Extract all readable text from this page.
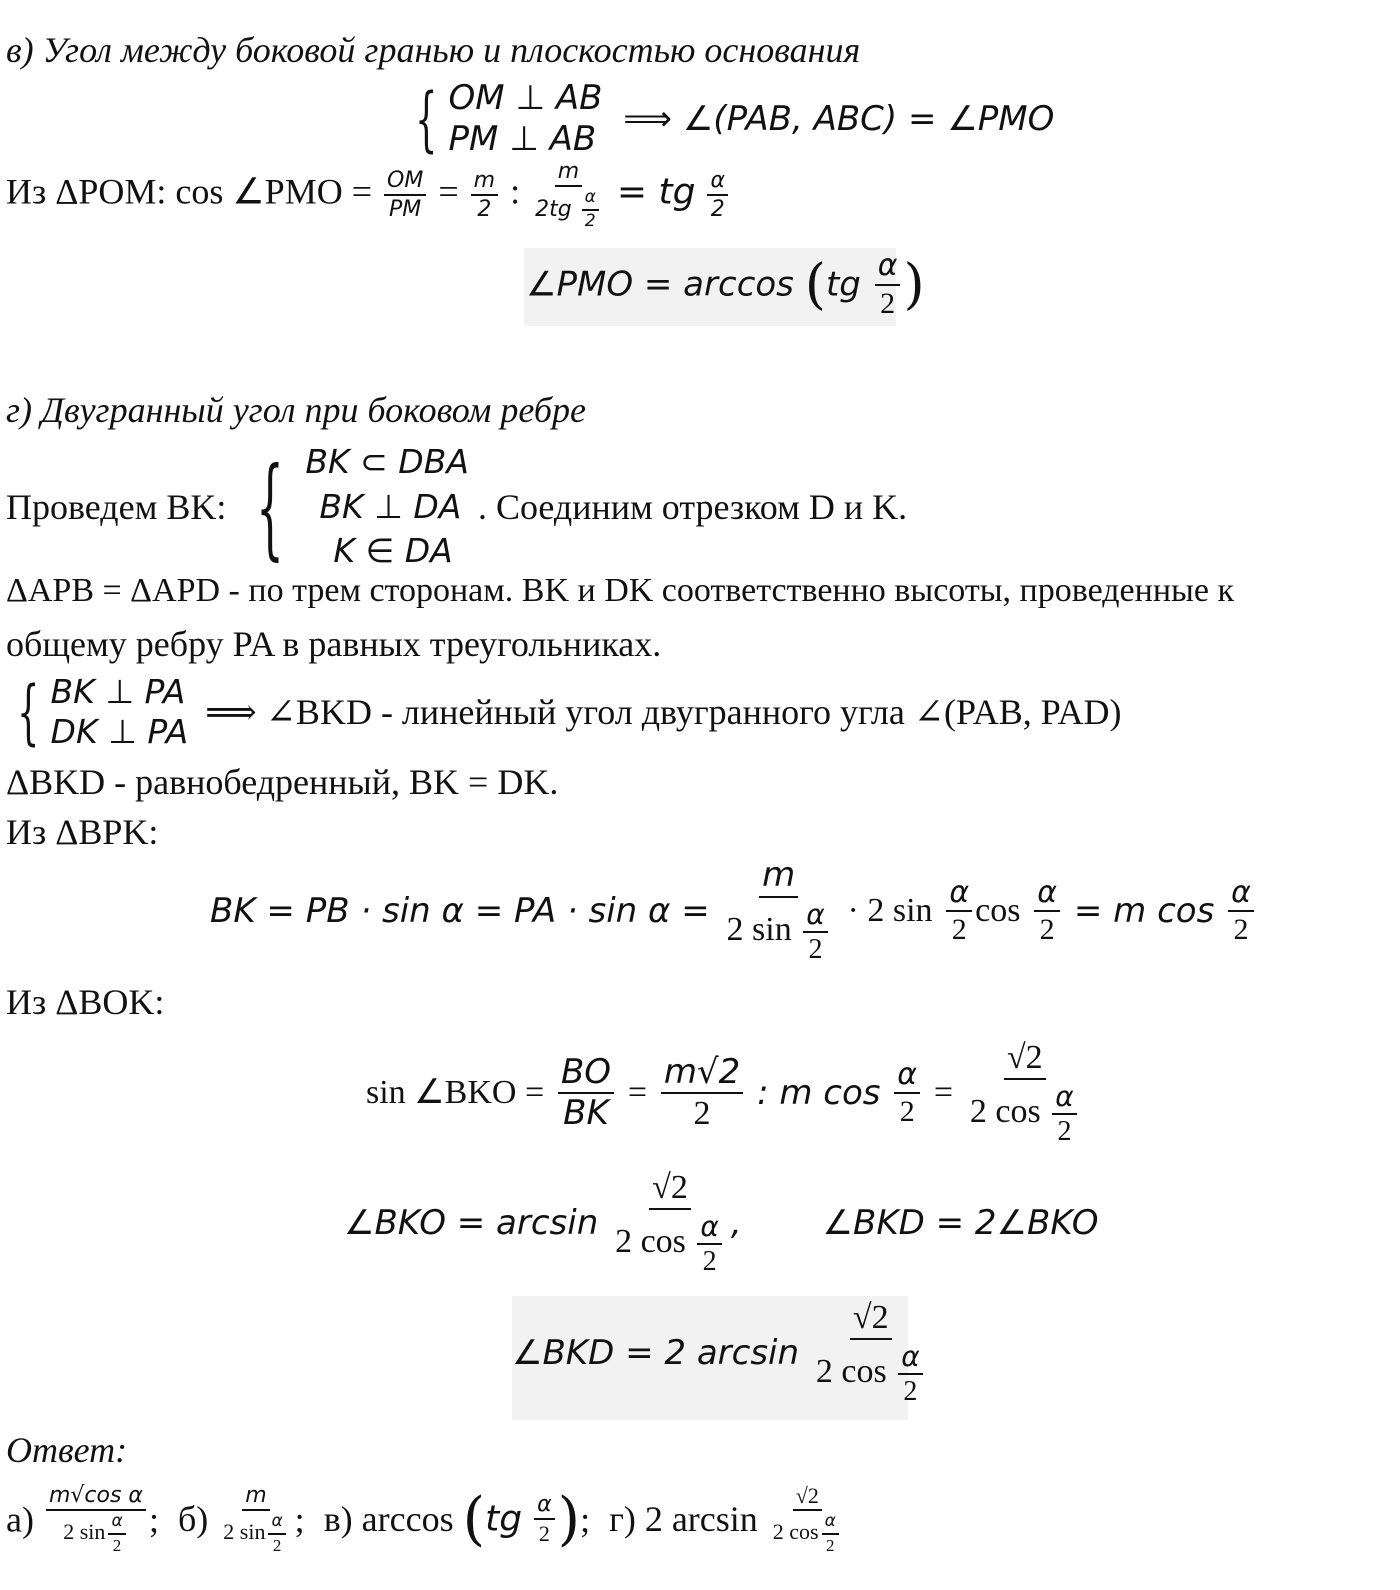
в) Угол между боковой гранью и плоскостью основания
{ OM ⊥ AB
PM ⊥ AB ⟹ ∠(PAB, ABC) = ∠PMO
Из ΔPOM: cos ∠PMO = $\frac{OM}{PM} = \frac{m}{2}$ : $\frac{m}{2tg \frac{\alpha}{2}}$ = tg $\frac{\alpha}{2}$
∠PMO = $\arccos (tg \frac{\alpha}{2}$ )
г) Двугранный угол при боковом ребре
Проведем BK: { BK ⊂ DBA
BK ⊥ DA
K ∈ DA
. Соединим отрезком D и K.
ΔAPB = ΔAPD - по трем сторонам. BK и DK соответственно высоты, проведенные к
общему ребру PA в равных треугольниках.
{ BK ⊥ PA
DK ⊥ PA ⟹ ∠BKD - линейный угол двугранного угла ∠(PAB, PAD)
ΔBKD - равнобедренный, BK = DK.
Из ΔBPK:
BK = PB · sin α = PA · $\sin \alpha = \frac{m}{2 \sin \frac{\alpha}{2}} \cdot 2$ $\sin \frac{\alpha}{2}$ $\cos \frac{\alpha}{2} = m$ $\cos \frac{\alpha}{2}$
Из ΔBOK:
sin ∠BKO = $\frac{BO}{BK} = \frac{m√2}{2}$ : m $\cos \frac{\alpha}{2} = \frac{√2}{2 \cos \frac{\alpha}{2}}$
∠BKO = $\arcsin \frac{√2}{2 \cos \frac{\alpha}{2}}$ , ∠BKD = 2∠BKO
∠BKD = 2 $\arcsin \frac{√2}{2 \cos \frac{\alpha}{2}}$
Ответ:
$а) \frac{\text{m√cos α}}{2 \sin \frac{\alpha}{2}}$ ; $б) \frac{m}{2 \sin \frac{\alpha}{2}}$ ; в) $\arccos (tg \frac{\alpha}{2}$ ); г) 2 $\arcsin \frac{√2}{2 \cos \frac{\alpha}{2}}$
